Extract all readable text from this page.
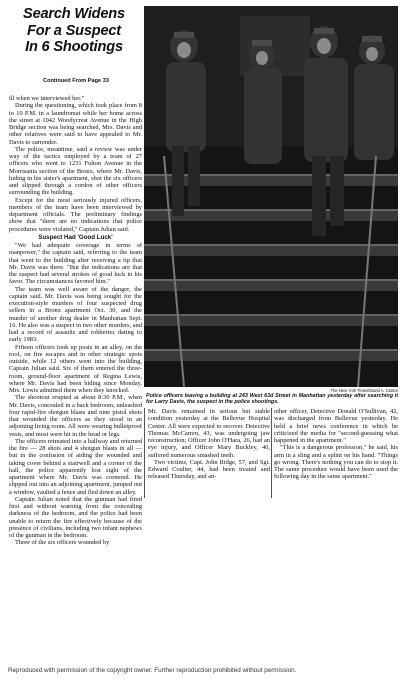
Search Widens
For a Suspect
In 6 Shootings
Continued From Page 33

ill when we interviewed her."

During the questioning, which took place from 8 to 10 P.M. in a laundromat while her home across the street at 1042 Woodycrest Avenue in the High Bridge section was being searched, Mrs. Davis and other relatives were said to have appealed to Mr. Davis to surrender.

The police, meantime, said a review was under way of the tactics employed by a team of 27 officers who went to 1231 Fulton Avenue in the Morrisania section of the Bronx, where Mr. Davis, hiding in his sister's apartment, shot the six officers and slipped through a cordon of other officers surrounding the building.

Except for the most seriously injured officers, members of the team have been interviewed by department officials. The preliminary findings show that "there are no indications that police procedures were violated," Captain Julian said.

Suspect Had 'Good Luck'

"We had adequate coverage in terms of manpower," the captain said, referring to the team that went to the building after receiving a tip that Mr. Davis was there. "But the indications are that the suspect had several strokes of good luck in his favor. The circumstances favored him."

The team was well aware of the danger, the captain said. Mr. Davis was being sought for the execution-style murders of four suspected drug sellers in a Bronx apartment Oct. 30, and the murder of another drug dealer in Manhattan Sept. 16. He also was a suspect in two other murders, and had a record of assaults and robberies dating to early 1983.

Fifteen officers took up posts in an alley, on the roof, on fire escapes and in other strategic spots outside, while 12 others went into the building, Captain Julian said. Six of them entered the three-room, ground-floor apartment of Regina Lewis, where Mr. Davis had been hiding since Monday. Mrs. Lewis admitted them when they knocked.

The shootout erupted at about 8:30 P.M., when Mr. Davis, concealed in a back bedroom, unleashed four rapid-fire shotgun blasts and nine pistol shots that wounded the officers as they stood in an adjoining living room. All were wearing bulletproof vests, and most were hit in the head or legs.

The officers retreated into a hallway and returned the fire — 28 shots and 4 shotgun blasts in all — but in the confusion of aiding the wounded and taking cover behind a stairwell and a corner of the hall, the police apparently lost sight of the apartment where Mr. Davis was cornered. He slipped out into an adjoining apartment, jumped out a window, vaulted a fence and fled down an alley.

Captain Julian noted that the gunman had fired first and without warning from the concealing darkness of the bedroom, and the police had been unable to return the fire effectively because of the presence of civilians, including two infant nephews of the gunman in the bedroom.

Three of the six officers wounded by

The New York Times/David A. Cantor
Police officers leaving a building at 243 West 63d Street in Manhattan yesterday after searching it for Larry Davis, the suspect in the police shootings.

Mr. Davis remained in serious but stable condition yesterday at the Bellevue Hospital Center. All were expected to recover. Detective Thomas McCarren, 43, was undergoing jaw reconstruction; Officer John O'Hara, 26, had an eye injury, and Officer Mary Buckley, 40, suffered numerous smashed teeth.

Two victims, Capt. John Ridge, 57, and Sgt. Edward Coulter, 44, had been treated and released Thursday, and an-

other officer, Detective Donald O'Sullivan, 42, was discharged from Bellevue yesterday. He held a brief news conference in which he criticized the media for "second-guessing what happened in the apartment."

"This is a dangerous profession," he said, his arm in a sling and a splint on his hand. "Things go wrong. There's nothing you can do to stop it. The same procedure would have been used the following day in the same apartment."

Reproduced with permission of the copyright owner. Further reproduction prohibited without permission.
